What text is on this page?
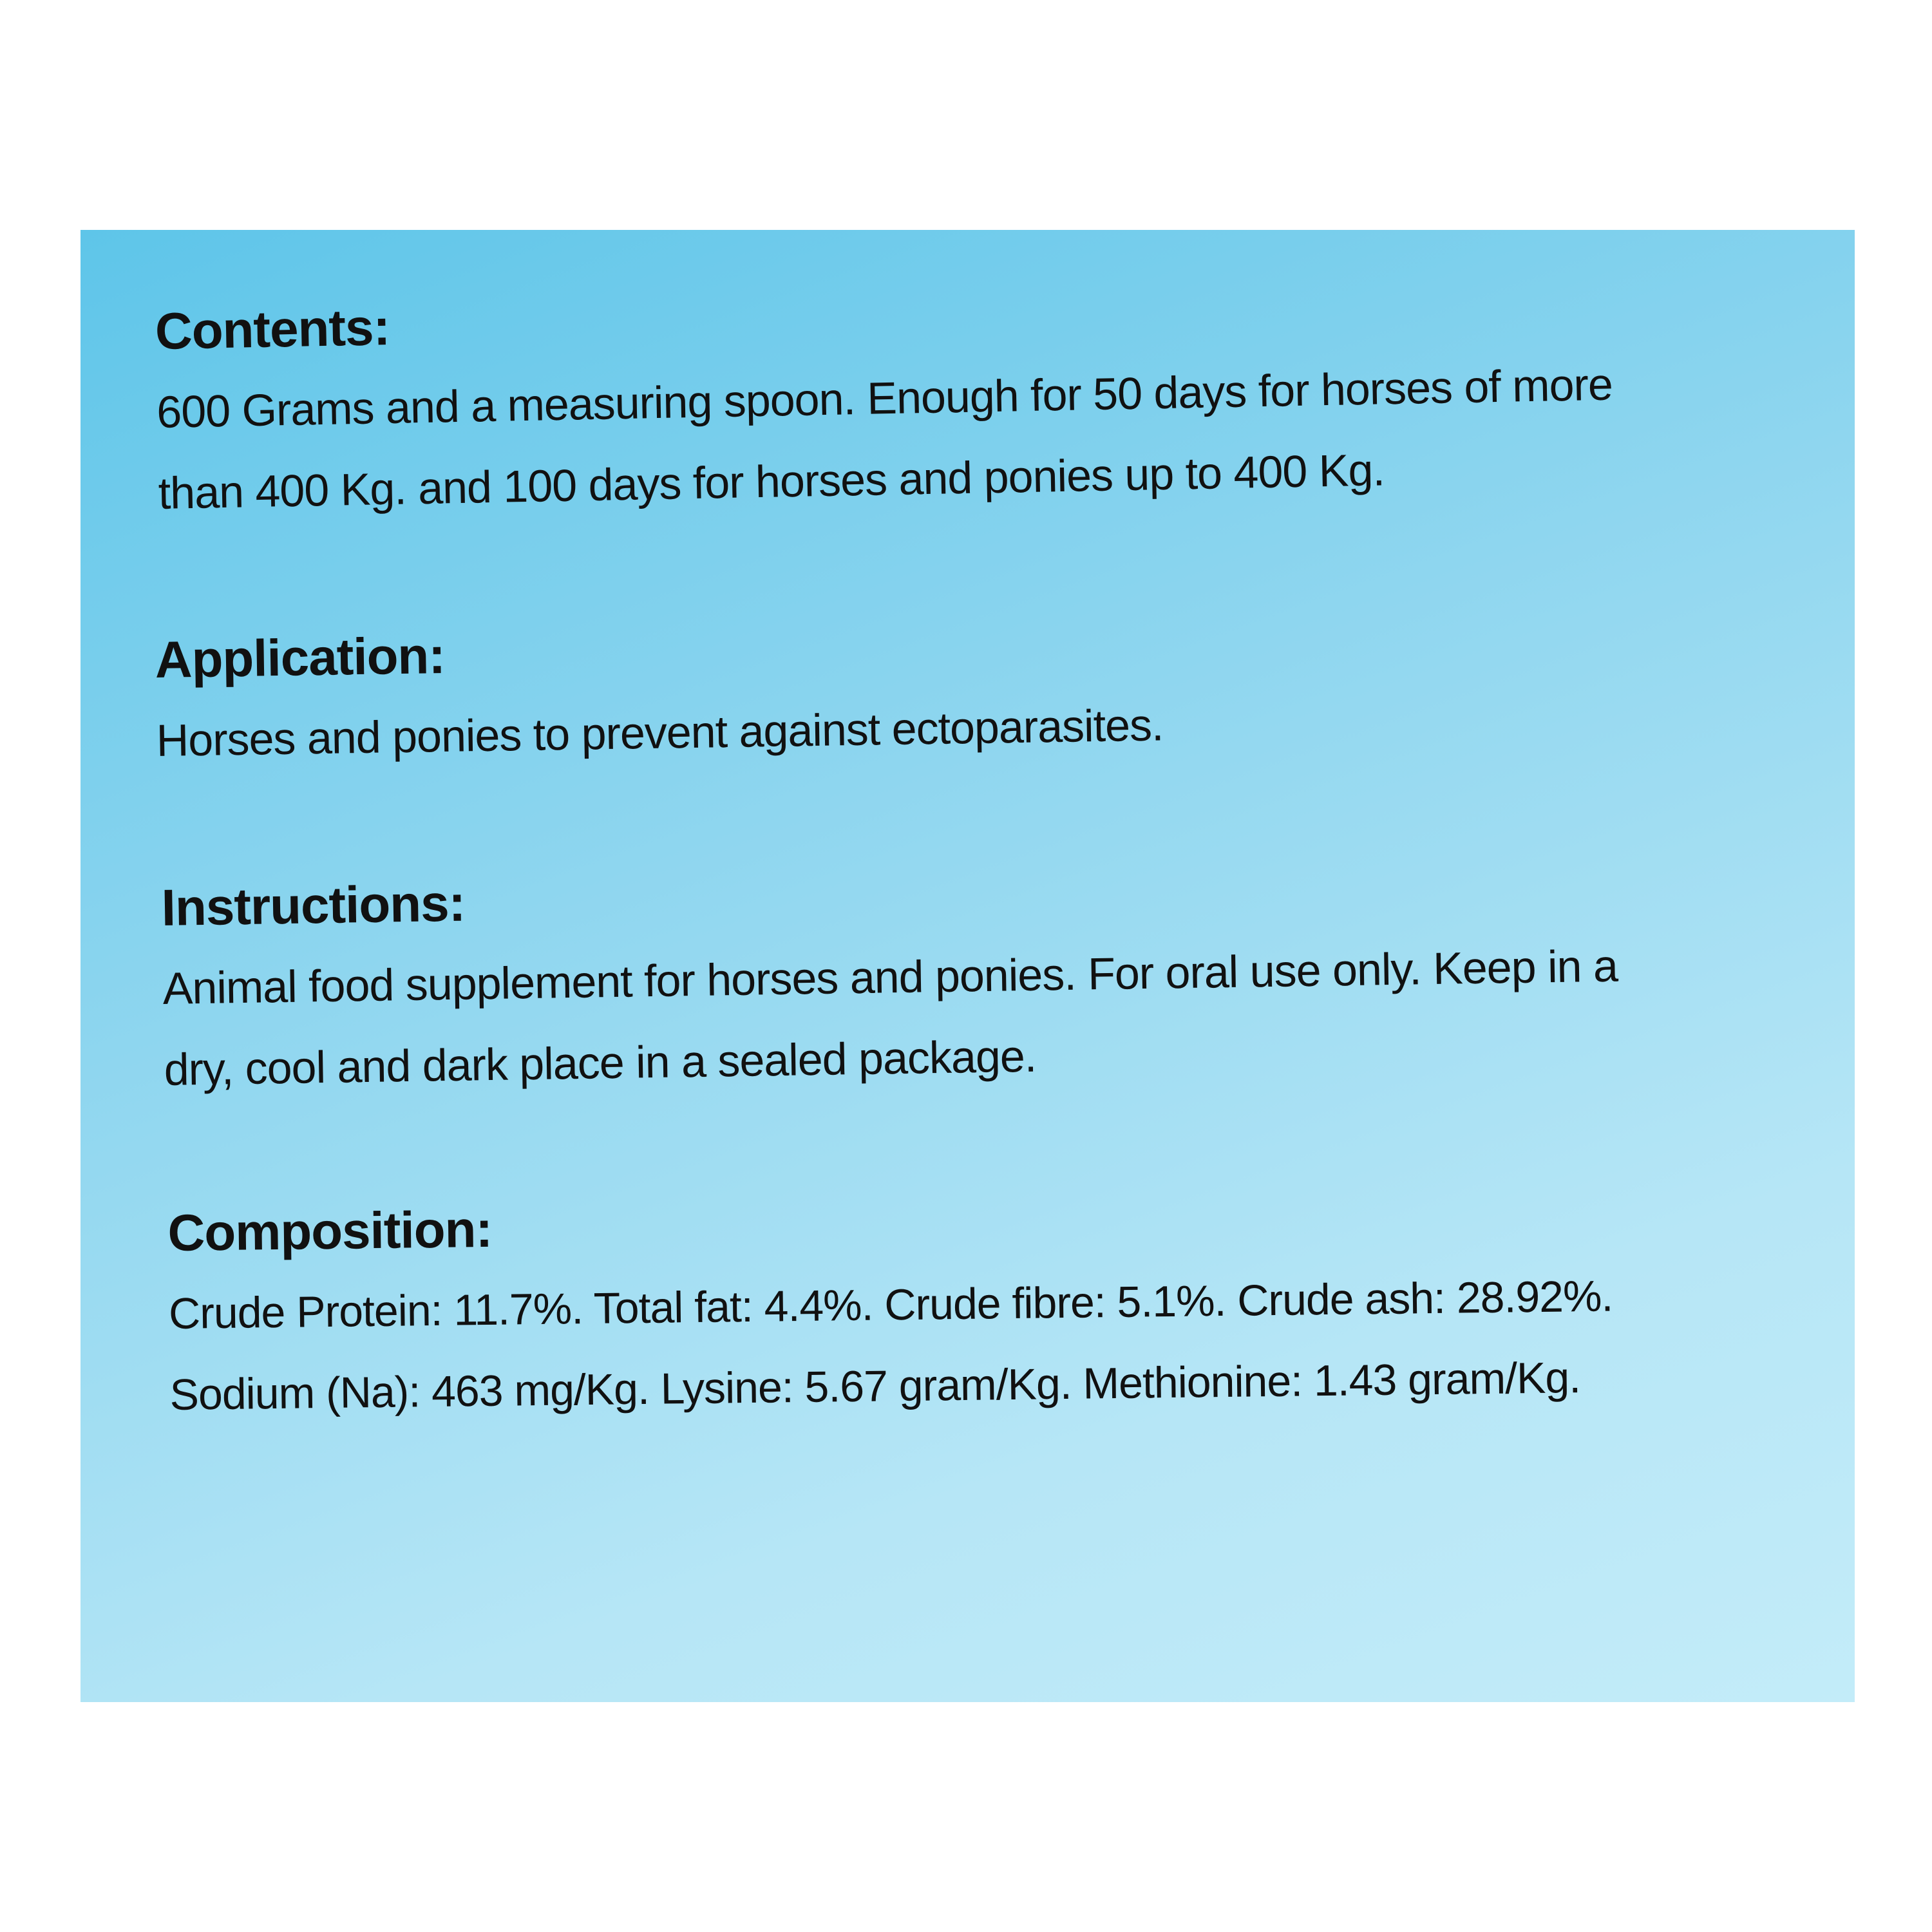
Contents:

600 Grams and a measuring spoon. Enough for 50 days for horses of more

than 400 Kg. and 100 days for horses and ponies up to 400 Kg.

Application:

Horses and ponies to prevent against ectoparasites.

Instructions:

Animal food supplement for horses and ponies. For oral use only. Keep in a

dry, cool and dark place in a sealed package.

Composition:

Crude Protein: 11.7%. Total fat: 4.4%. Crude fibre: 5.1%. Crude ash: 28.92%.

Sodium (Na): 463 mg/Kg. Lysine: 5.67 gram/Kg. Methionine: 1.43 gram/Kg.
